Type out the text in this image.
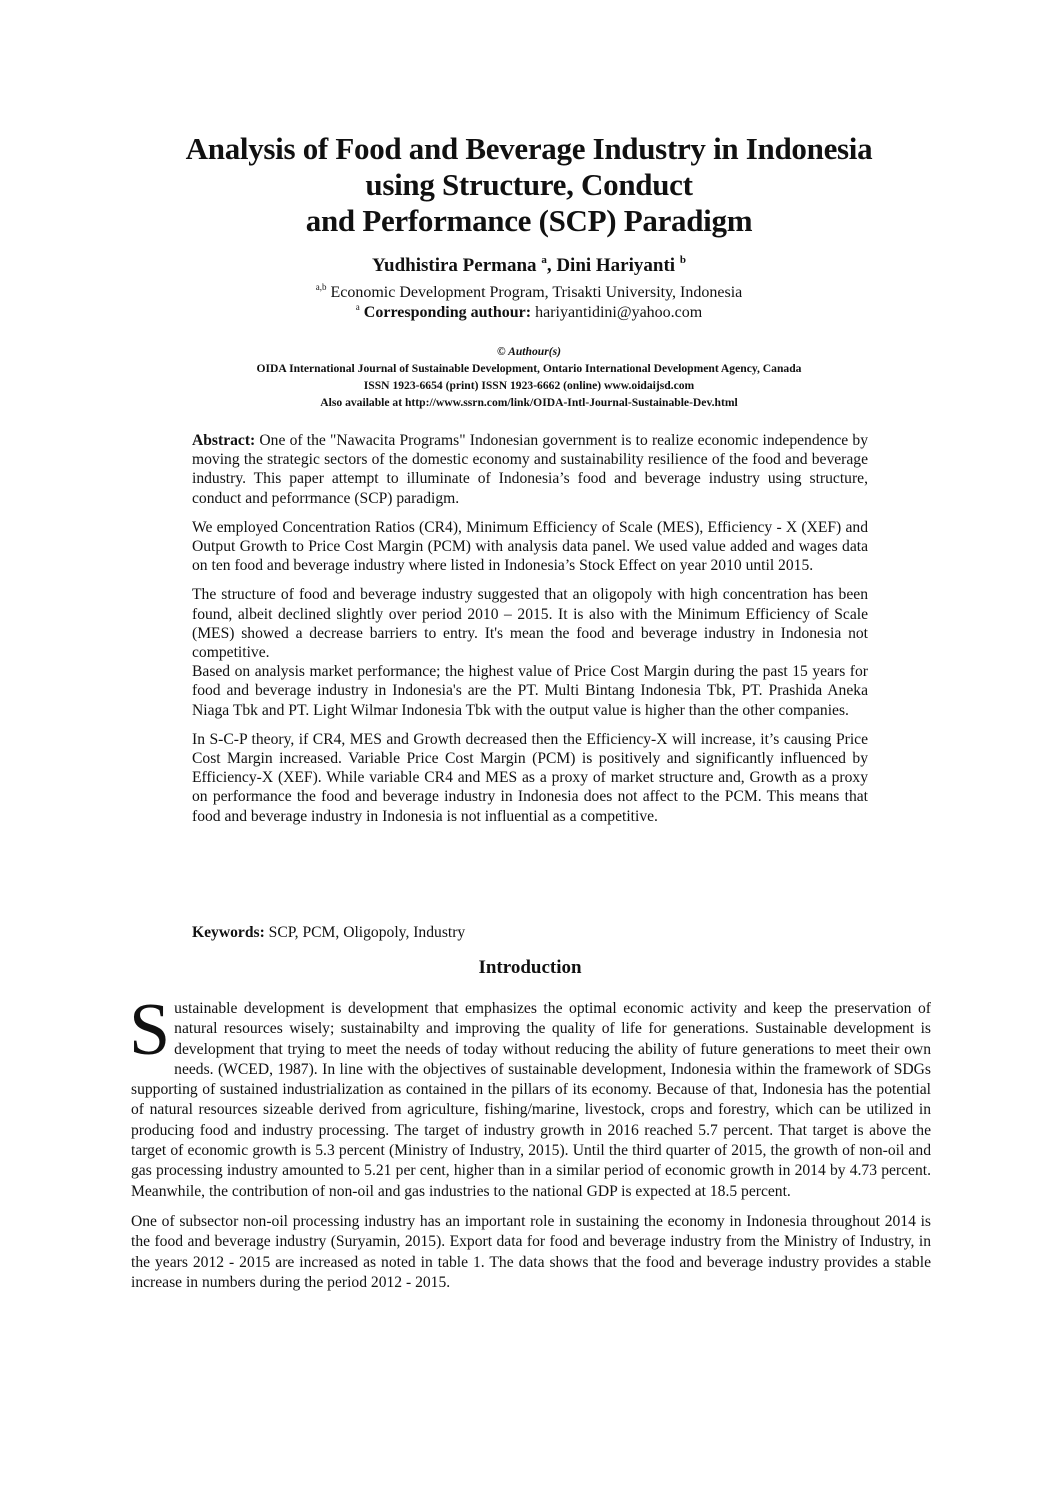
Analysis of Food and Beverage Industry in Indonesia
using Structure, Conduct
and Performance (SCP) Paradigm
Yudhistira Permana $^a$, Dini Hariyanti $^b$
$^{a,b}$ Economic Development Program, Trisakti University, Indonesia
$^a$ Corresponding authour: hariyantidini@yahoo.com
© Authour(s)
OIDA International Journal of Sustainable Development, Ontario International Development Agency, Canada
ISSN 1923-6654 (print) ISSN 1923-6662 (online) www.oidaijsd.com
Also available at http://www.ssrn.com/link/OIDA-Intl-Journal-Sustainable-Dev.html

Abstract: One of the "Nawacita Programs" Indonesian government is to realize economic independence by moving the strategic sectors of the domestic economy and sustainability resilience of the food and beverage industry. This paper attempt to illuminate of Indonesia’s food and beverage industry using structure, conduct and peforrmance (SCP) paradigm.

We employed Concentration Ratios (CR4), Minimum Efficiency of Scale (MES), Efficiency - X (XEF) and Output Growth to Price Cost Margin (PCM) with analysis data panel. We used value added and wages data on ten food and beverage industry where listed in Indonesia’s Stock Effect on year 2010 until 2015.

The structure of food and beverage industry suggested that an oligopoly with high concentration has been found, albeit declined slightly over period 2010 – 2015. It is also with the Minimum Efficiency of Scale (MES) showed a decrease barriers to entry. It's mean the food and beverage industry in Indonesia not competitive.

Based on analysis market performance; the highest value of Price Cost Margin during the past 15 years for food and beverage industry in Indonesia's are the PT. Multi Bintang Indonesia Tbk, PT. Prashida Aneka Niaga Tbk and PT. Light Wilmar Indonesia Tbk with the output value is higher than the other companies.

In S-C-P theory, if CR4, MES and Growth decreased then the Efficiency-X will increase, it’s causing Price Cost Margin increased. Variable Price Cost Margin (PCM) is positively and significantly influenced by Efficiency-X (XEF). While variable CR4 and MES as a proxy of market structure and, Growth as a proxy on performance the food and beverage industry in Indonesia does not affect to the PCM. This means that food and beverage industry in Indonesia is not influential as a competitive.

Keywords: SCP, PCM, Oligopoly, Industry
Introduction

Sustainable development is development that emphasizes the optimal economic activity and keep the preservation of natural resources wisely; sustainabilty and improving the quality of life for generations. Sustainable development is development that trying to meet the needs of today without reducing the ability of future generations to meet their own needs. (WCED, 1987). In line with the objectives of sustainable development, Indonesia within the framework of SDGs supporting of sustained industrialization as contained in the pillars of its economy. Because of that, Indonesia has the potential of natural resources sizeable derived from agriculture, fishing/marine, livestock, crops and forestry, which can be utilized in producing food and industry processing. The target of industry growth in 2016 reached 5.7 percent. That target is above the target of economic growth is 5.3 percent (Ministry of Industry, 2015). Until the third quarter of 2015, the growth of non-oil and gas processing industry amounted to 5.21 per cent, higher than in a similar period of economic growth in 2014 by 4.73 percent. Meanwhile, the contribution of non-oil and gas industries to the national GDP is expected at 18.5 percent.

One of subsector non-oil processing industry has an important role in sustaining the economy in Indonesia throughout 2014 is the food and beverage industry (Suryamin, 2015). Export data for food and beverage industry from the Ministry of Industry, in the years 2012 - 2015 are increased as noted in table 1. The data shows that the food and beverage industry provides a stable increase in numbers during the period 2012 - 2015.
